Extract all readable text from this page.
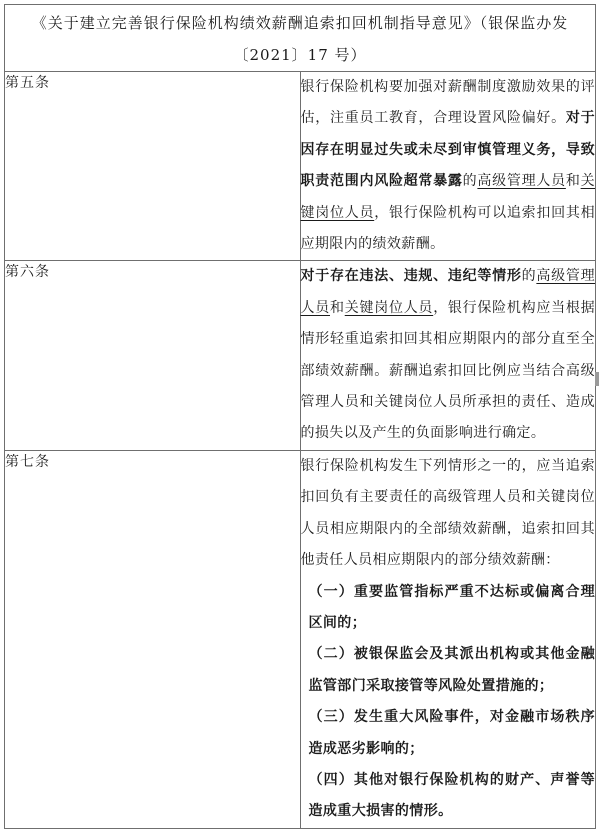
《关于建立完善银行保险机构绩效薪酬追索扣回机制指导意见》（银保监办发
〔2021〕17 号）	

第五条	银行保险机构要加强对薪酬制度激励效果的评估，注重员工教育，合理设置风险偏好。对于因存在明显过失或未尽到审慎管理义务，导致职责范围内风险超常暴露的高级管理人员和关键岗位人员，银行保险机构可以追索扣回其相应期限内的绩效薪酬。

第六条	对于存在违法、违规、违纪等情形的高级管理人员和关键岗位人员，银行保险机构应当根据情形轻重追索扣回其相应期限内的部分直至全部绩效薪酬。薪酬追索扣回比例应当结合高级管理人员和关键岗位人员所承担的责任、造成的损失以及产生的负面影响进行确定。

第七条	银行保险机构发生下列情形之一的，应当追索扣回负有主要责任的高级管理人员和关键岗位人员相应期限内的全部绩效薪酬，追索扣回其他责任人员相应期限内的部分绩效薪酬：

（一）重要监管指标严重不达标或偏离合理区间的；

（二）被银保监会及其派出机构或其他金融监管部门采取接管等风险处置措施的；

（三）发生重大风险事件，对金融市场秩序造成恶劣影响的；

（四）其他对银行保险机构的财产、声誉等造成重大损害的情形。
